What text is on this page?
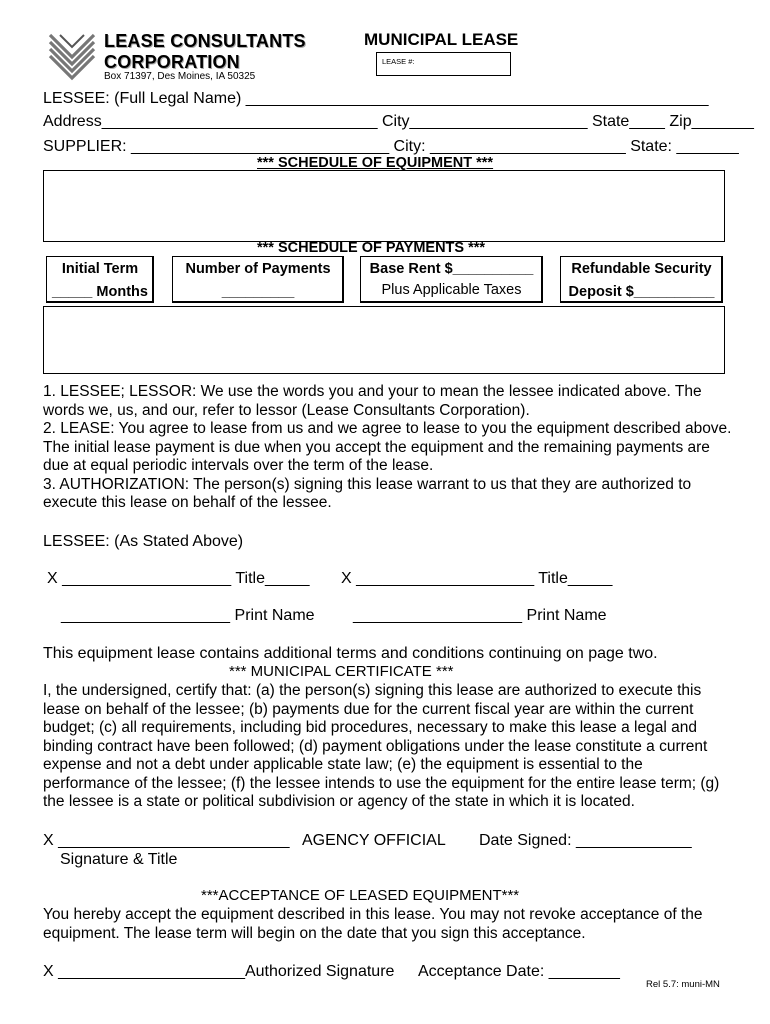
LEASE CONSULTANTS
CORPORATION
Box 71397, Des Moines, IA 50325
MUNICIPAL LEASE
LEASE #:
LESSEE: (Full Legal Name) ____________________________________________________
Address_______________________________ City____________________ State____ Zip_______
SUPPLIER: _____________________________ City: ______________________ State: _______
*** SCHEDULE OF EQUIPMENT ***
*** SCHEDULE OF PAYMENTS ***
Initial Term
_____ Months
Number of Payments
_________
Base Rent $__________
Plus Applicable Taxes
Refundable Security
Deposit $__________

1. LESSEE; LESSOR: We use the words you and your to mean the lessee indicated above. The words we, us, and our, refer to lessor (Lease Consultants Corporation).

2. LEASE: You agree to lease from us and we agree to lease to you the equipment described above. The initial lease payment is due when you accept the equipment and the remaining payments are due at equal periodic intervals over the term of the lease.

3. AUTHORIZATION: The person(s) signing this lease warrant to us that they are authorized to execute this lease on behalf of the lessee.

LESSEE: (As Stated Above)
X ___________________ Title_____ X ____________________ Title_____
___________________ Print Name ___________________ Print Name
This equipment lease contains additional terms and conditions continuing on page two.
*** MUNICIPAL CERTIFICATE ***
I, the undersigned, certify that: (a) the person(s) signing this lease are authorized to execute this lease on behalf of the lessee; (b) payments due for the current fiscal year are within the current budget; (c) all requirements, including bid procedures, necessary to make this lease a legal and binding contract have been followed; (d) payment obligations under the lease constitute a current expense and not a debt under applicable state law; (e) the equipment is essential to the performance of the lessee; (f) the lessee intends to use the equipment for the entire lease term; (g) the lessee is a state or political subdivision or agency of the state in which it is located.
X __________________________ AGENCY OFFICIAL Date Signed: _____________
Signature & Title
***ACCEPTANCE OF LEASED EQUIPMENT***
You hereby accept the equipment described in this lease. You may not revoke acceptance of the equipment. The lease term will begin on the date that you sign this acceptance.
X _____________________Authorized Signature Acceptance Date: ________
Rel 5.7: muni-MN
